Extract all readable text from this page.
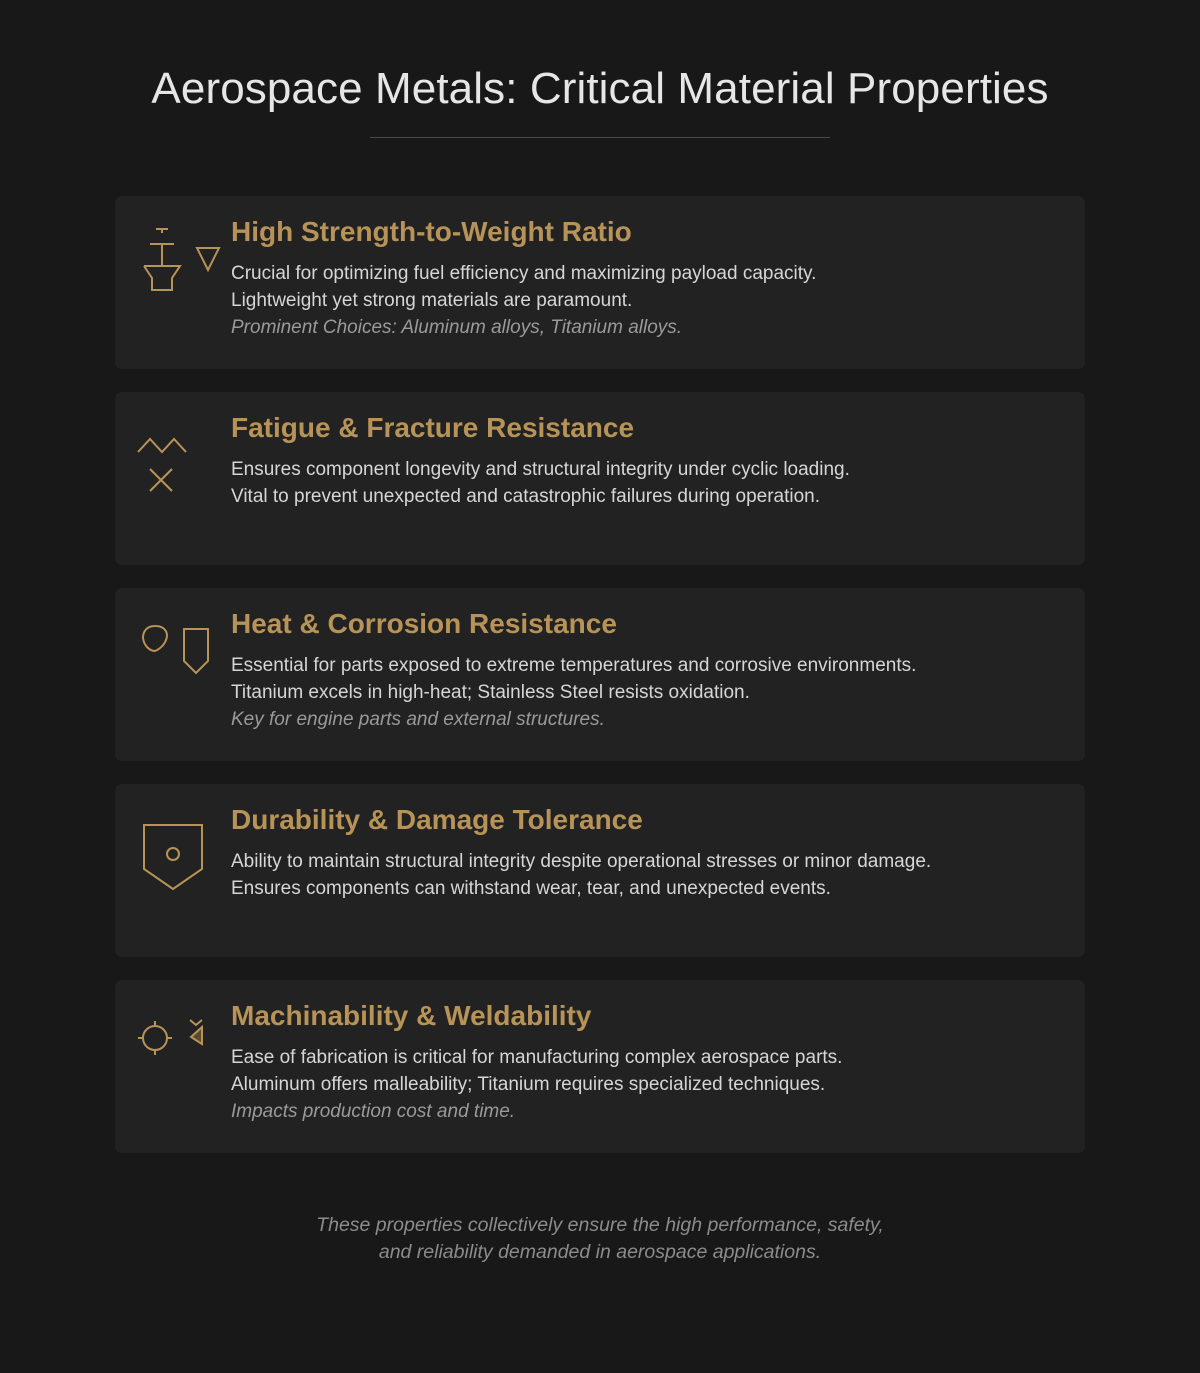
Aerospace Metals: Critical Material Properties
High Strength-to-Weight Ratio
Crucial for optimizing fuel efficiency and maximizing payload capacity.
Lightweight yet strong materials are paramount.
Prominent Choices: Aluminum alloys, Titanium alloys.
Fatigue & Fracture Resistance
Ensures component longevity and structural integrity under cyclic loading.
Vital to prevent unexpected and catastrophic failures during operation.
Heat & Corrosion Resistance
Essential for parts exposed to extreme temperatures and corrosive environments.
Titanium excels in high-heat; Stainless Steel resists oxidation.
Key for engine parts and external structures.
Durability & Damage Tolerance
Ability to maintain structural integrity despite operational stresses or minor damage.
Ensures components can withstand wear, tear, and unexpected events.
Machinability & Weldability
Ease of fabrication is critical for manufacturing complex aerospace parts.
Aluminum offers malleability; Titanium requires specialized techniques.
Impacts production cost and time.
These properties collectively ensure the high performance, safety,
and reliability demanded in aerospace applications.
